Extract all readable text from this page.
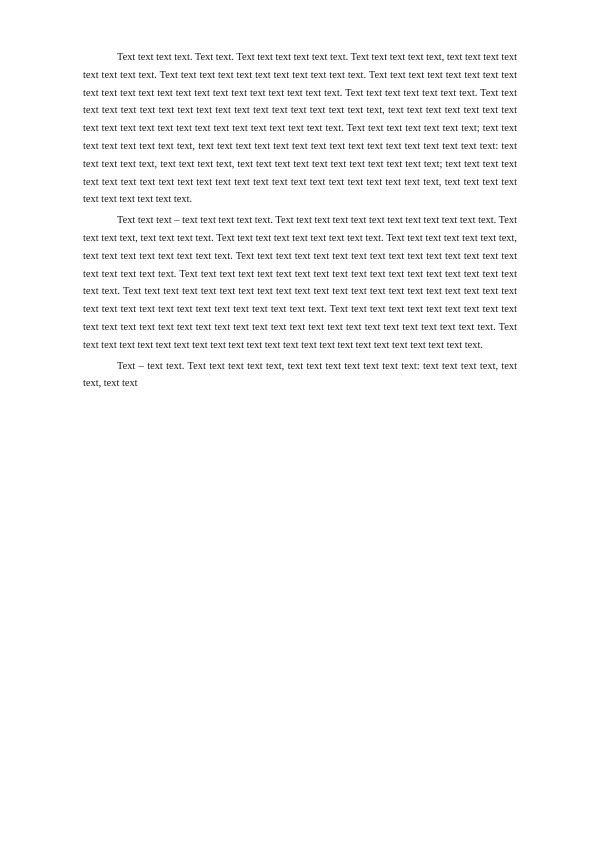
Text text text text. Text text. Text text text text text text. Text text text text text, text text text text text text text text. Text text text text text text text text text text text. Text text text text text text text text text text text text text text text text text text text text text text. Text text text text text text text. Text text text text text text text text text text text text text text text text text text, text text text text text text text text text text text text text text text text text text text text text. Text text text text text text text; text text text text text text text text, text text text text text text text text text text text text text text text text: text text text text text, text text text text, text text text text text text text text text text text; text text text text text text text text text text text text text text text text text text text text text text text, text text text text text text text text text text.

Text text text – text text text text text. Text text text text text text text text text text text text. Text text text text, text text text text. Text text text text text text text text text. Text text text text text text text, text text text text text text text text. Text text text text text text text text text text text text text text text text text text text text. Text text text text text text text text text text text text text text text text text text text text. Text text text text text text text text text text text text text text text text text text text text text text text text text text text text text text text text text text. Text text text text text text text text text text text text text text text text text text text text text text text text text text text text text text text text. Text text text text text text text text text text text text text text text text text text text text text text text.

Text – text text. Text text text text text, text text text text text text text: text text text text, text text, text text
